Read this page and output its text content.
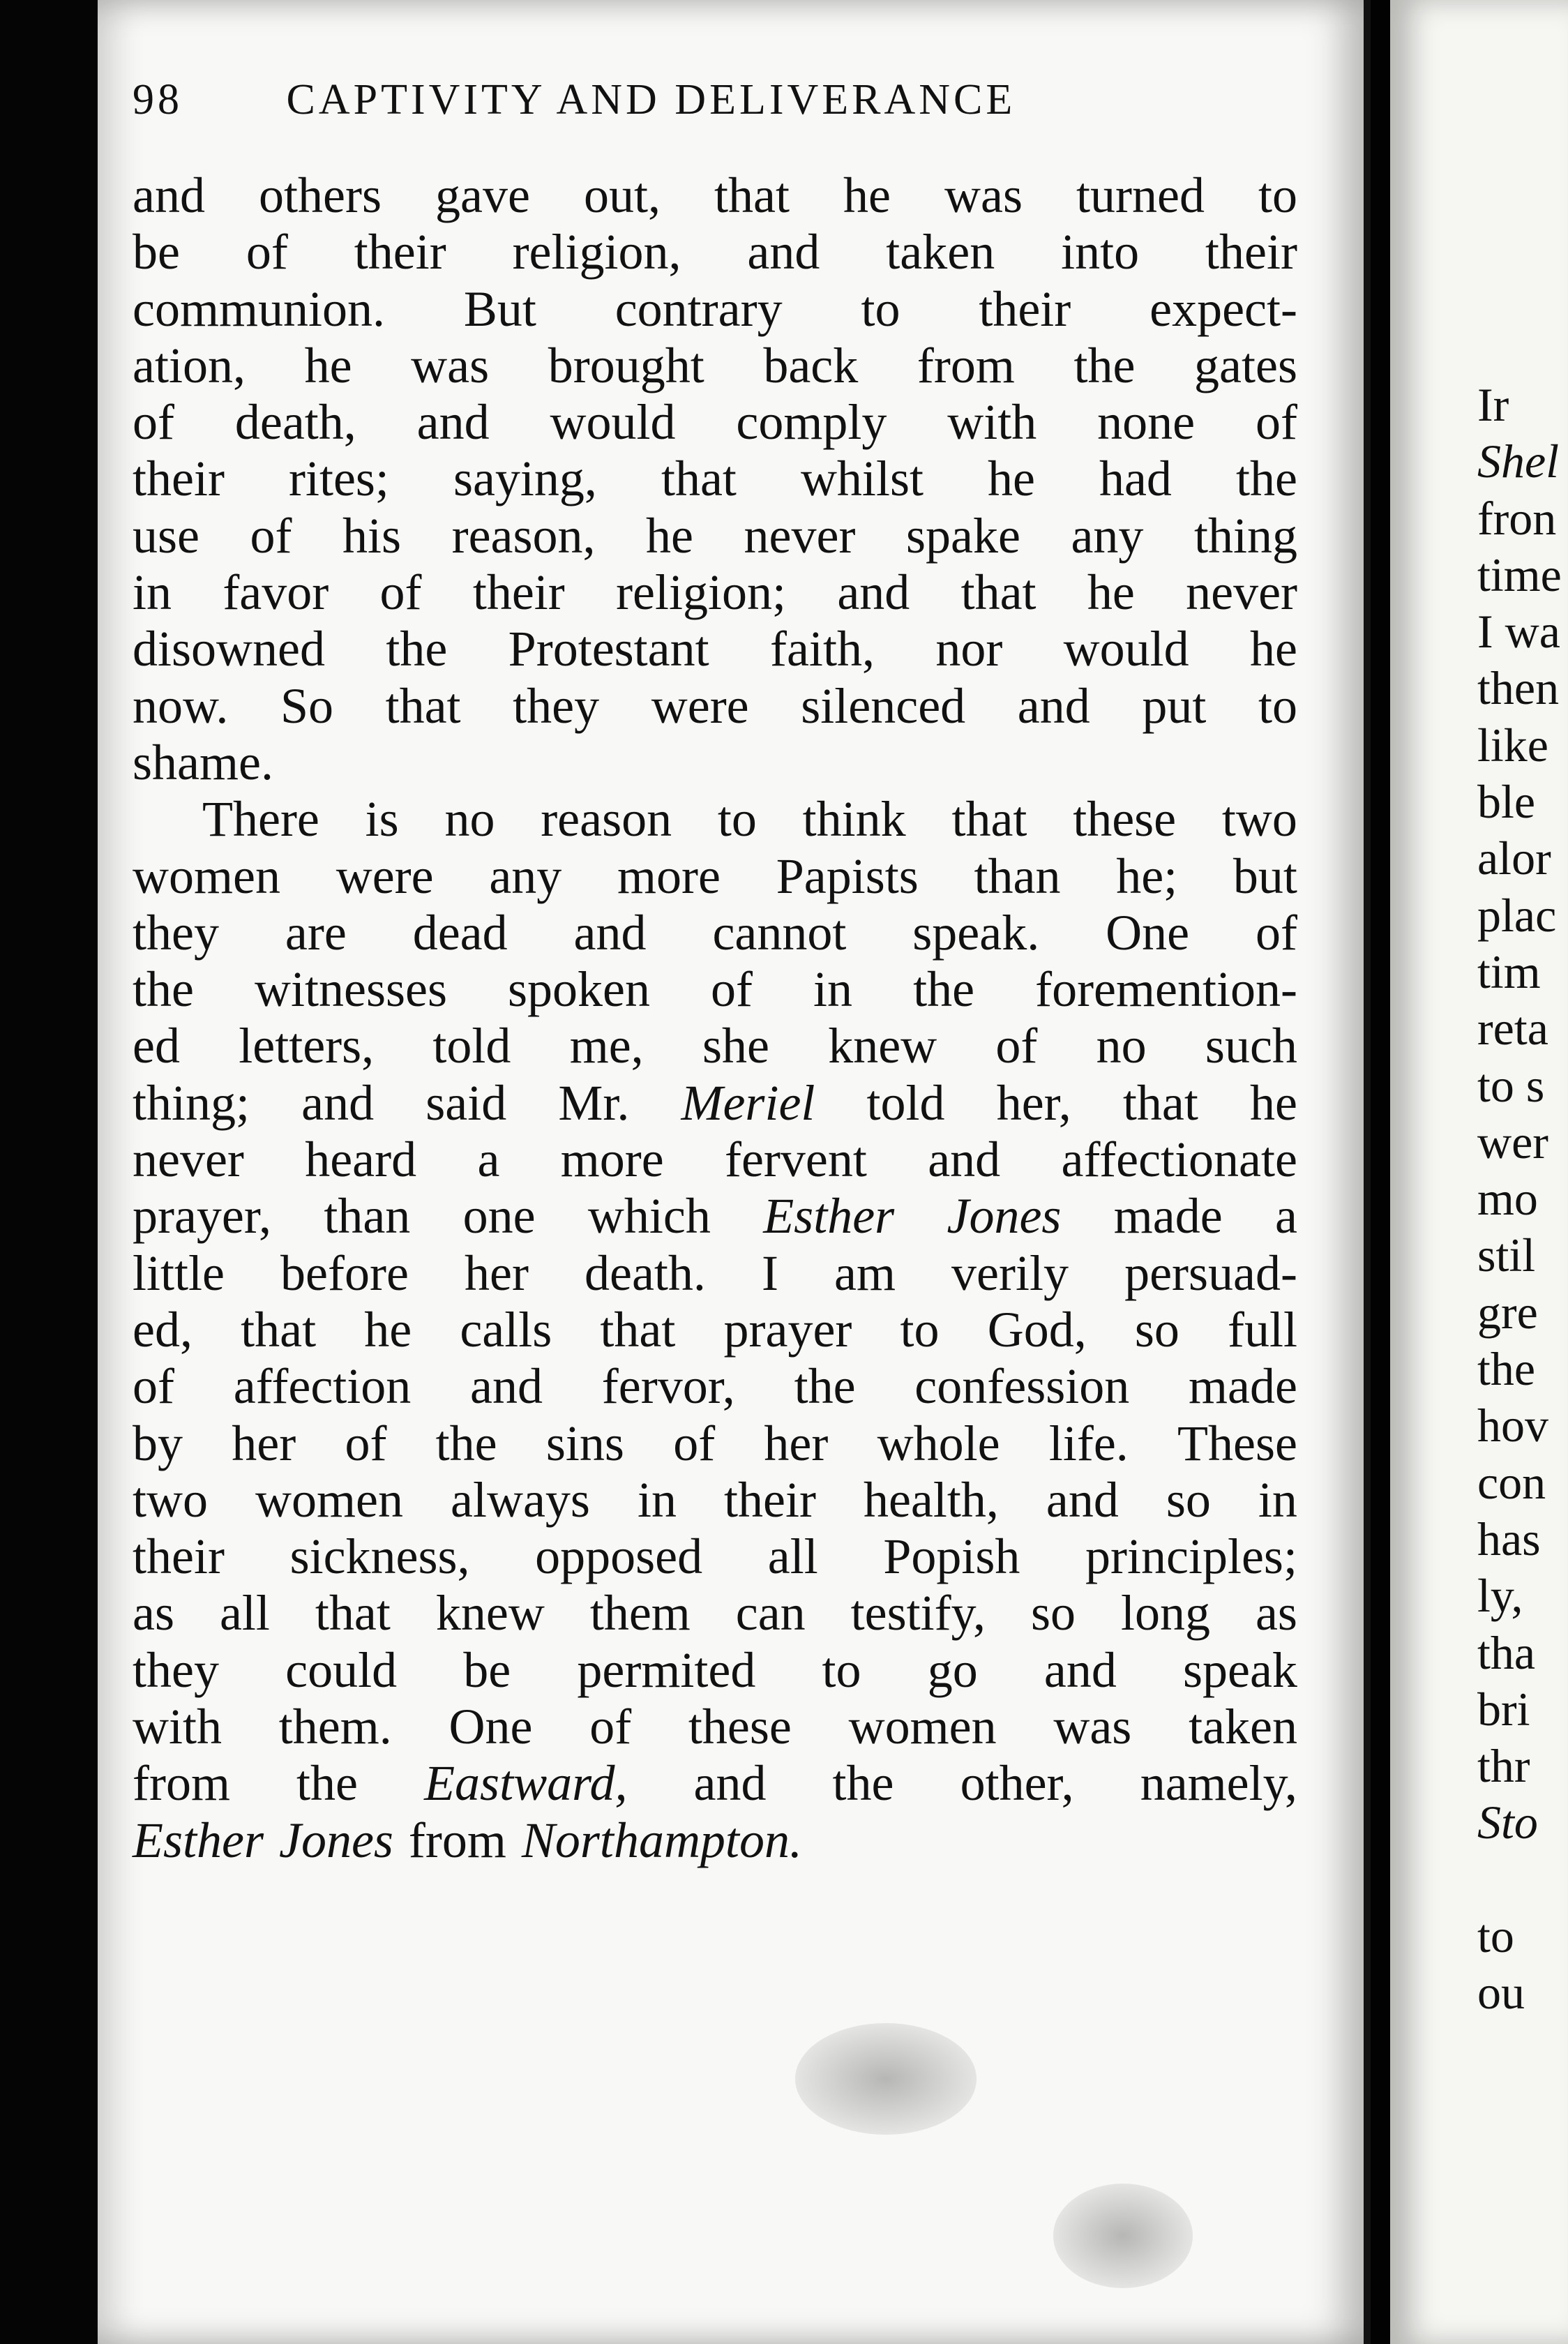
98 CAPTIVITY AND DELIVERANCE
and others gave out, that he was turned to
be of their religion, and taken into their
communion. But contrary to their expect-
ation, he was brought back from the gates
of death, and would comply with none of
their rites; saying, that whilst he had the
use of his reason, he never spake any thing
in favor of their religion; and that he never
disowned the Protestant faith, nor would he
now. So that they were silenced and put to
shame.
There is no reason to think that these two
women were any more Papists than he; but
they are dead and cannot speak. One of
the witnesses spoken of in the foremention-
ed letters, told me, she knew of no such
thing; and said Mr. Meriel told her, that he
never heard a more fervent and affectionate
prayer, than one which Esther Jones made a
little before her death. I am verily persuad-
ed, that he calls that prayer to God, so full
of affection and fervor, the confession made
by her of the sins of her whole life. These
two women always in their health, and so in
their sickness, opposed all Popish principles;
as all that knew them can testify, so long as
they could be permited to go and speak
with them. One of these women was taken
from the Eastward, and the other, namely,
Esther Jones from Northampton.
Ir
Shel
fron
time
I wa
then
like
ble
alor
plac
tim
reta
to s
wer
mo
stil
gre
the
hov
con
has
ly,
tha
bri
thr
Sto
to
ou
